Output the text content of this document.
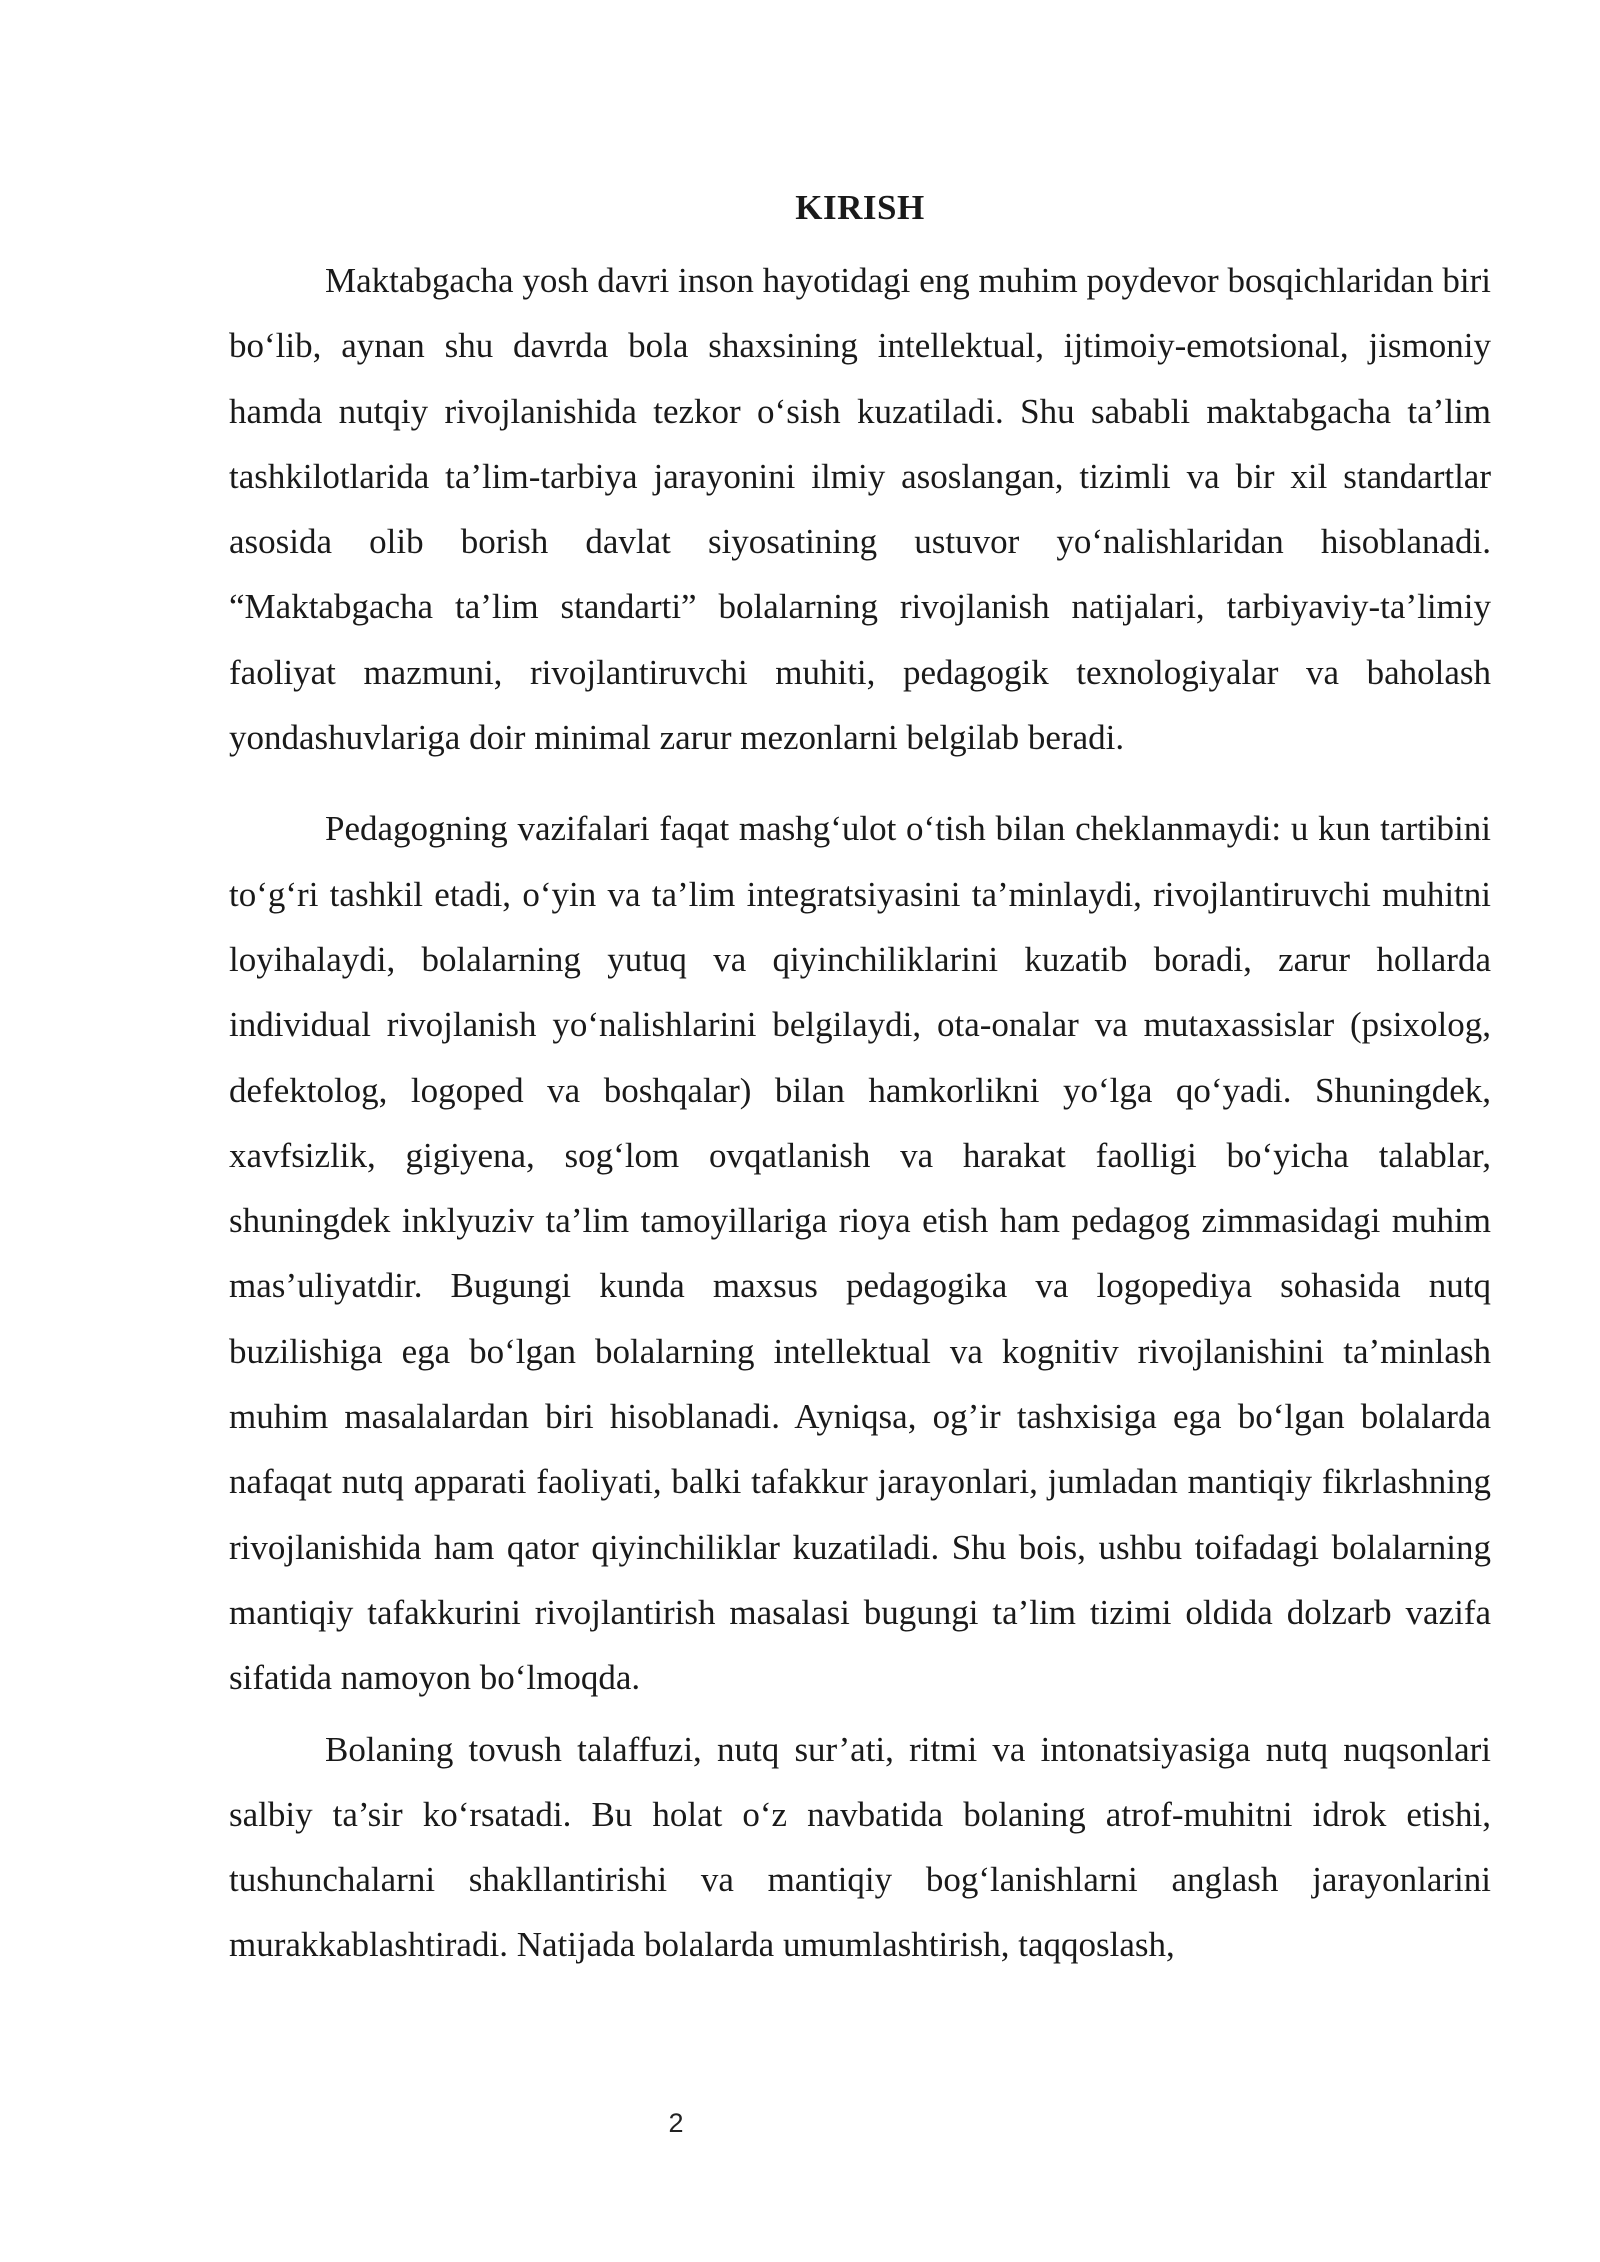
KIRISH

Maktabgacha yosh davri inson hayotidagi eng muhim poydevor bosqichlaridan biri boʻlib, aynan shu davrda bola shaxsining intellektual, ijtimoiy-emotsional, jismoniy hamda nutqiy rivojlanishida tezkor oʻsish kuzatiladi. Shu sababli maktabgacha ta’lim tashkilotlarida ta’lim-tarbiya jarayonini ilmiy asoslangan, tizimli va bir xil standartlar asosida olib borish davlat siyosatining ustuvor yoʻnalishlaridan hisoblanadi. “Maktabgacha ta’lim standarti” bolalarning rivojlanish natijalari, tarbiyaviy-ta’limiy faoliyat mazmuni, rivojlantiruvchi muhiti, pedagogik texnologiyalar va baholash yondashuvlariga doir minimal zarur mezonlarni belgilab beradi.

Pedagogning vazifalari faqat mashgʻulot oʻtish bilan cheklanmaydi: u kun tartibini toʻgʻri tashkil etadi, oʻyin va ta’lim integratsiyasini ta’minlaydi, rivojlantiruvchi muhitni loyihalaydi, bolalarning yutuq va qiyinchiliklarini kuzatib boradi, zarur hollarda individual rivojlanish yoʻnalishlarini belgilaydi, ota-onalar va mutaxassislar (psixolog, defektolog, logoped va boshqalar) bilan hamkorlikni yoʻlga qoʻyadi. Shuningdek, xavfsizlik, gigiyena, sogʻlom ovqatlanish va harakat faolligi boʻyicha talablar, shuningdek inklyuziv ta’lim tamoyillariga rioya etish ham pedagog zimmasidagi muhim mas’uliyatdir. Bugungi kunda maxsus pedagogika va logopediya sohasida nutq buzilishiga ega boʻlgan bolalarning intellektual va kognitiv rivojlanishini ta’minlash muhim masalalardan biri hisoblanadi. Ayniqsa, og’ir tashxisiga ega boʻlgan bolalarda nafaqat nutq apparati faoliyati, balki tafakkur jarayonlari, jumladan mantiqiy fikrlashning rivojlanishida ham qator qiyinchiliklar kuzatiladi. Shu bois, ushbu toifadagi bolalarning mantiqiy tafakkurini rivojlantirish masalasi bugungi ta’lim tizimi oldida dolzarb vazifa sifatida namoyon boʻlmoqda.

Bolaning tovush talaffuzi, nutq sur’ati, ritmi va intonatsiyasiga nutq nuqsonlari salbiy ta’sir koʻrsatadi. Bu holat oʻz navbatida bolaning atrof-muhitni idrok etishi, tushunchalarni shakllantirishi va mantiqiy bogʻlanishlarni anglash jarayonlarini murakkablashtiradi. Natijada bolalarda umumlashtirish, taqqoslash,

2
